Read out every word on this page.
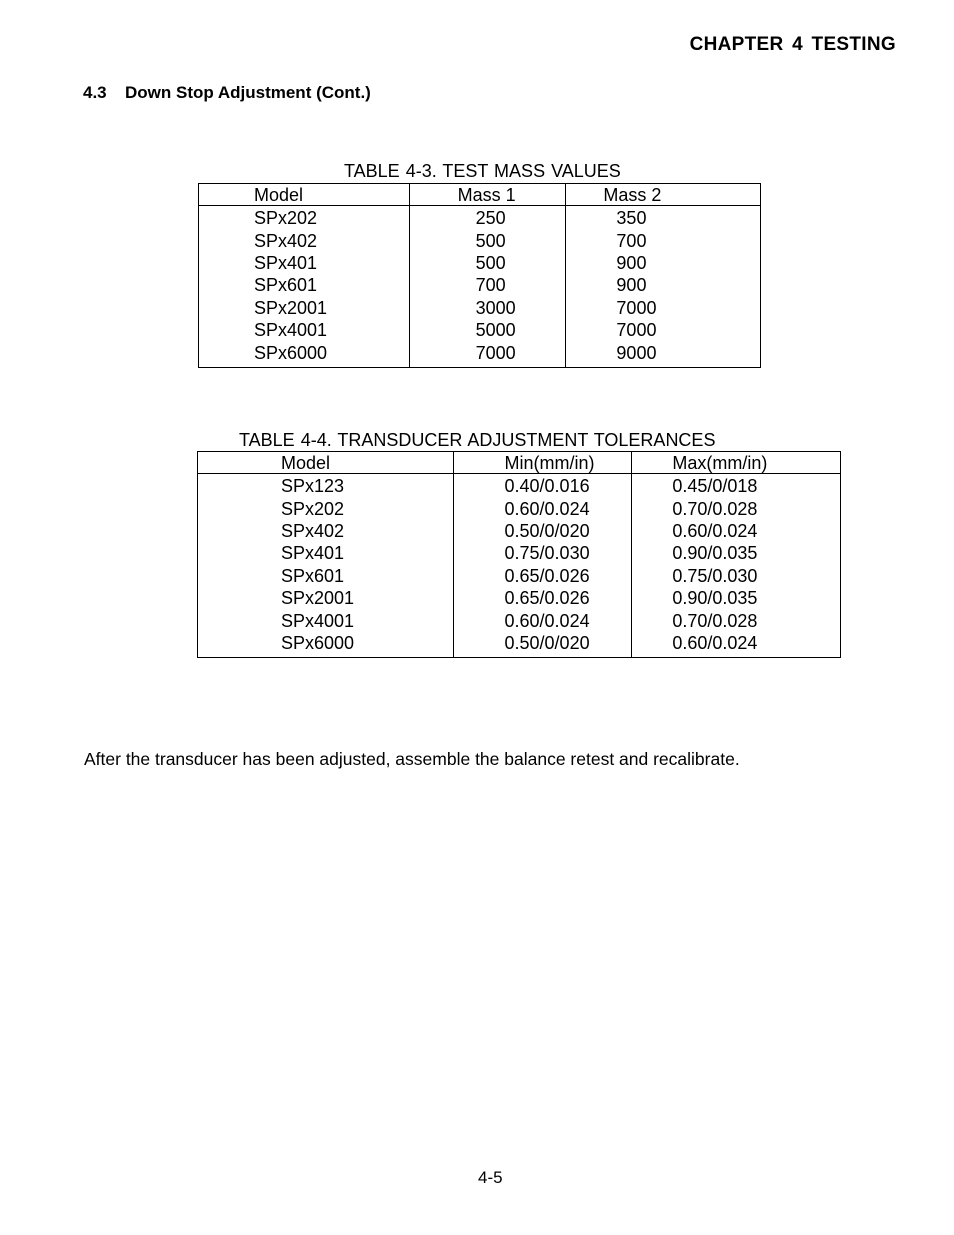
CHAPTER 4 TESTING
4.3 Down Stop Adjustment (Cont.)
TABLE 4-3. TEST MASS VALUES
Model	Mass 1	Mass 2
SPx202	250	350
SPx402	500	700
SPx401	500	900
SPx601	700	900
SPx2001	3000	7000
SPx4001	5000	7000
SPx6000	7000	9000
TABLE 4-4. TRANSDUCER ADJUSTMENT TOLERANCES
Model	Min(mm/in)	Max(mm/in)
SPx123	0.40/0.016	0.45/0/018
SPx202	0.60/0.024	0.70/0.028
SPx402	0.50/0/020	0.60/0.024
SPx401	0.75/0.030	0.90/0.035
SPx601	0.65/0.026	0.75/0.030
SPx2001	0.65/0.026	0.90/0.035
SPx4001	0.60/0.024	0.70/0.028
SPx6000	0.50/0/020	0.60/0.024
After the transducer has been adjusted, assemble the balance retest and recalibrate.
4-5
